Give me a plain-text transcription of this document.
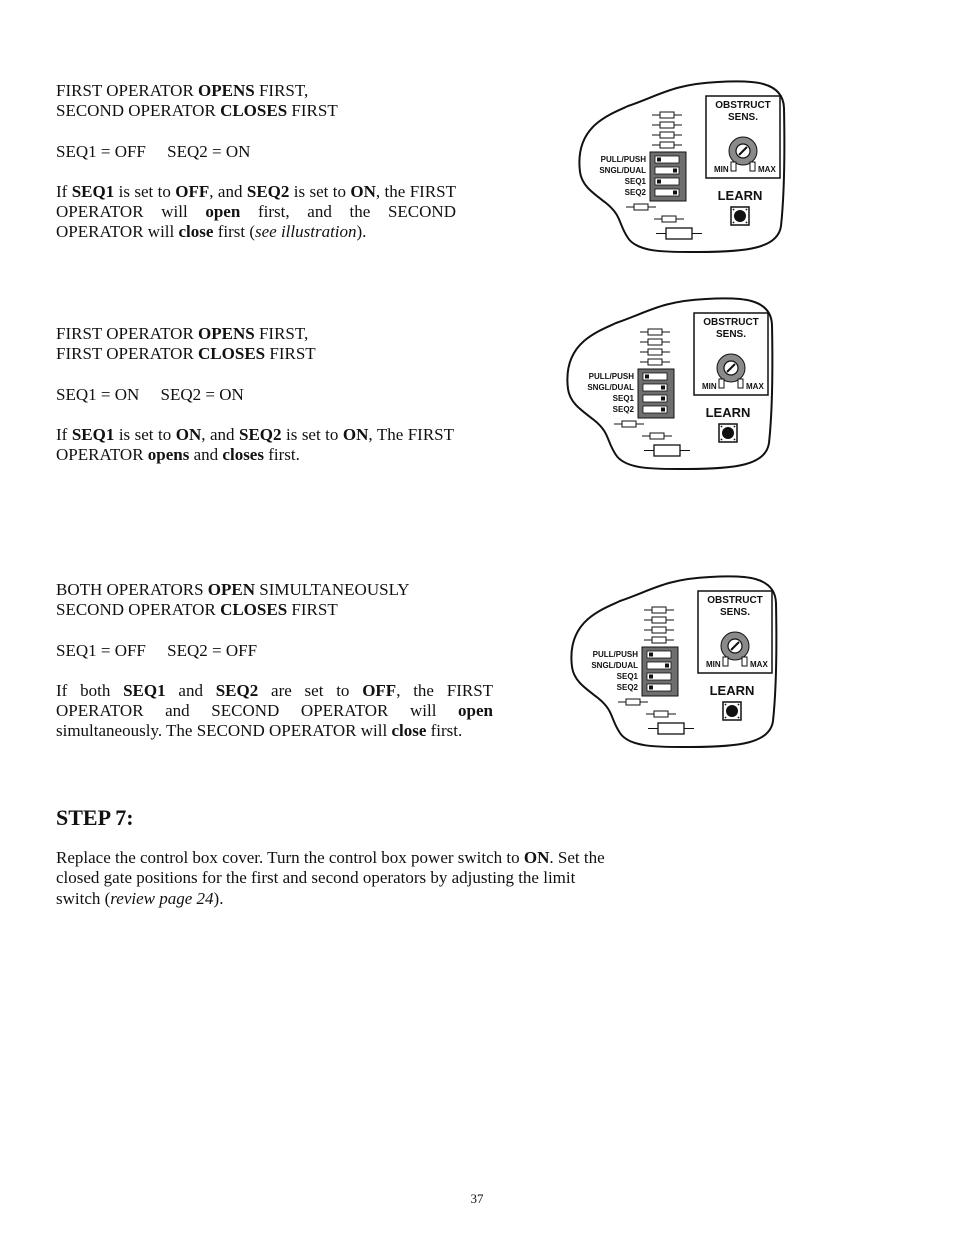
FIRST OPERATOR OPENS FIRST,

SECOND OPERATOR CLOSES FIRST

SEQ1 = OFF SEQ2 = ON

If SEQ1 is set to OFF, and SEQ2 is set to ON, the FIRST OPERATOR will open first, and the SECOND OPERATOR will close first (see illustration).

FIRST OPERATOR OPENS FIRST,

FIRST OPERATOR CLOSES FIRST

SEQ1 = ON SEQ2 = ON

If SEQ1 is set to ON, and SEQ2 is set to ON, The FIRST OPERATOR opens and closes first.

BOTH OPERATORS OPEN SIMULTANEOUSLY

SECOND OPERATOR CLOSES FIRST

SEQ1 = OFF SEQ2 = OFF

If both SEQ1 and SEQ2 are set to OFF, the FIRST OPERATOR and SECOND OPERATOR will open simultaneously. The SECOND OPERATOR will close first.

PULL/PUSH
SNGL/DUAL
SEQ1
SEQ2
OBSTRUCT
SENS.
MIN	MAX
LEARN
PULL/PUSH
SNGL/DUAL
SEQ1
SEQ2
OBSTRUCT
SENS.
MIN	MAX
LEARN
PULL/PUSH
SNGL/DUAL
SEQ1
SEQ2
OBSTRUCT
SENS.
MIN	MAX
LEARN
STEP 7:

Replace the control box cover. Turn the control box power switch to ON. Set the closed gate positions for the first and second operators by adjusting the limit switch (review page 24).

37
